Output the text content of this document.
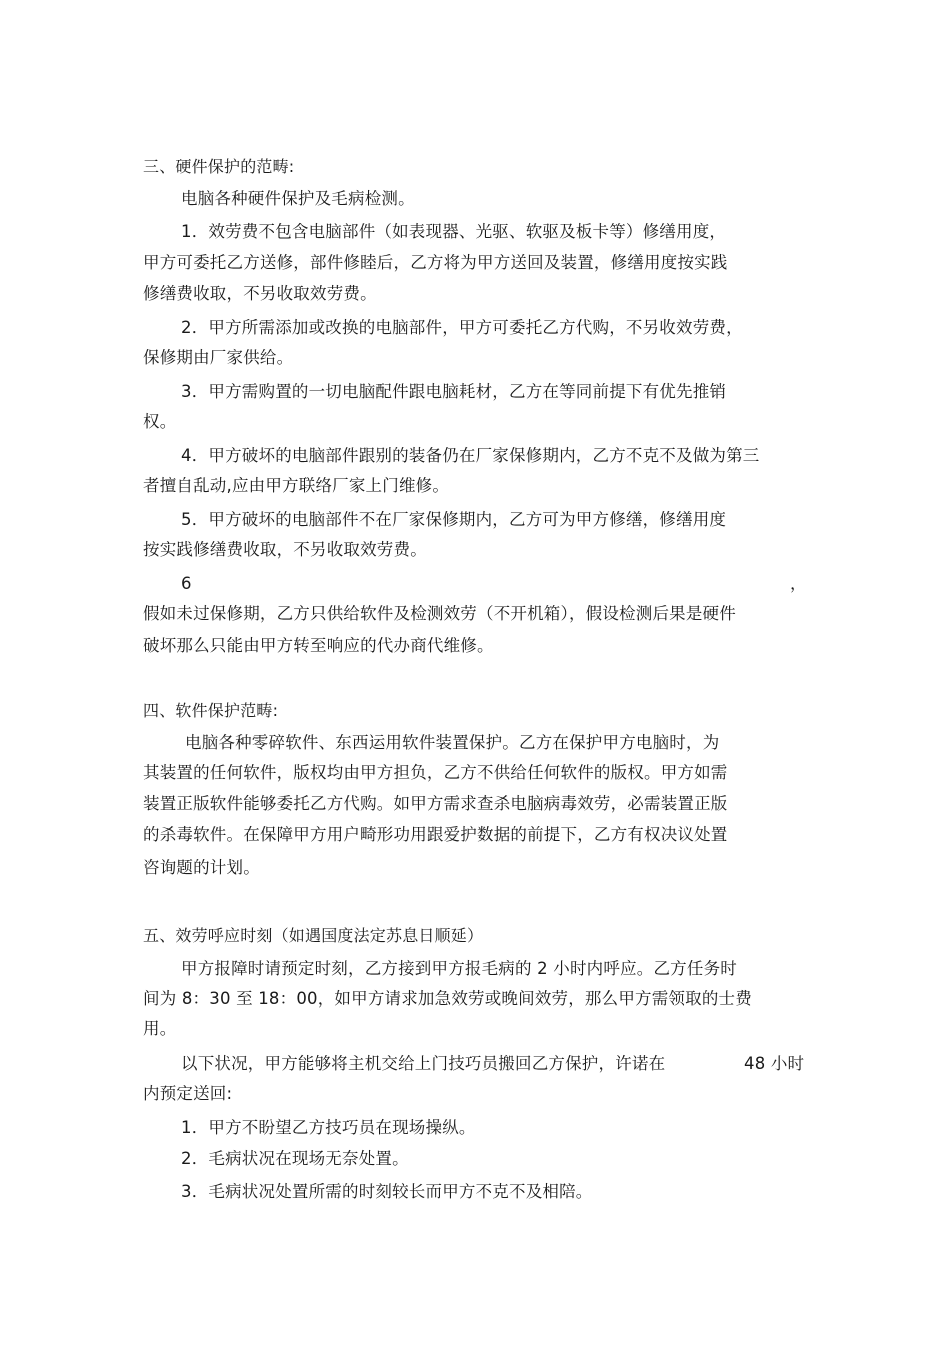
三、硬件保护的范畴:
电脑各种硬件保护及毛病检测。
1．效劳费不包含电脑部件（如表现器、光驱、软驱及板卡等）修缮用度，
甲方可委托乙方送修，部件修睦后，乙方将为甲方送回及装置，修缮用度按实践
修缮费收取，不另收取效劳费。
2．甲方所需添加或改换的电脑部件，甲方可委托乙方代购，不另收效劳费，
保修期由厂家供给。
3．甲方需购置的一切电脑配件跟电脑耗材，乙方在等同前提下有优先推销
权。
4．甲方破坏的电脑部件跟别的装备仍在厂家保修期内，乙方不克不及做为第三
者擅自乱动,应由甲方联络厂家上门维修。
5．甲方破坏的电脑部件不在厂家保修期内，乙方可为甲方修缮，修缮用度
按实践修缮费收取，不另收取效劳费。
6	，
假如未过保修期，乙方只供给软件及检测效劳（不开机箱），假设检测后果是硬件
破坏那么只能由甲方转至响应的代办商代维修。
四、软件保护范畴:
电脑各种零碎软件、东西运用软件装置保护。乙方在保护甲方电脑时，为
其装置的任何软件，版权均由甲方担负，乙方不供给任何软件的版权。甲方如需
装置正版软件能够委托乙方代购。如甲方需求查杀电脑病毒效劳，必需装置正版
的杀毒软件。在保障甲方用户畸形功用跟爱护数据的前提下，乙方有权决议处置
咨询题的计划。
五、效劳呼应时刻（如遇国度法定苏息日顺延）
甲方报障时请预定时刻，乙方接到甲方报毛病的 2 小时内呼应。乙方任务时
间为 8：30 至 18：00，如甲方请求加急效劳或晚间效劳，那么甲方需领取的士费
用。
以下状况，甲方能够将主机交给上门技巧员搬回乙方保护，许诺在	48 小时
内预定送回:
1．甲方不盼望乙方技巧员在现场操纵。
2．毛病状况在现场无奈处置。
3．毛病状况处置所需的时刻较长而甲方不克不及相陪。
